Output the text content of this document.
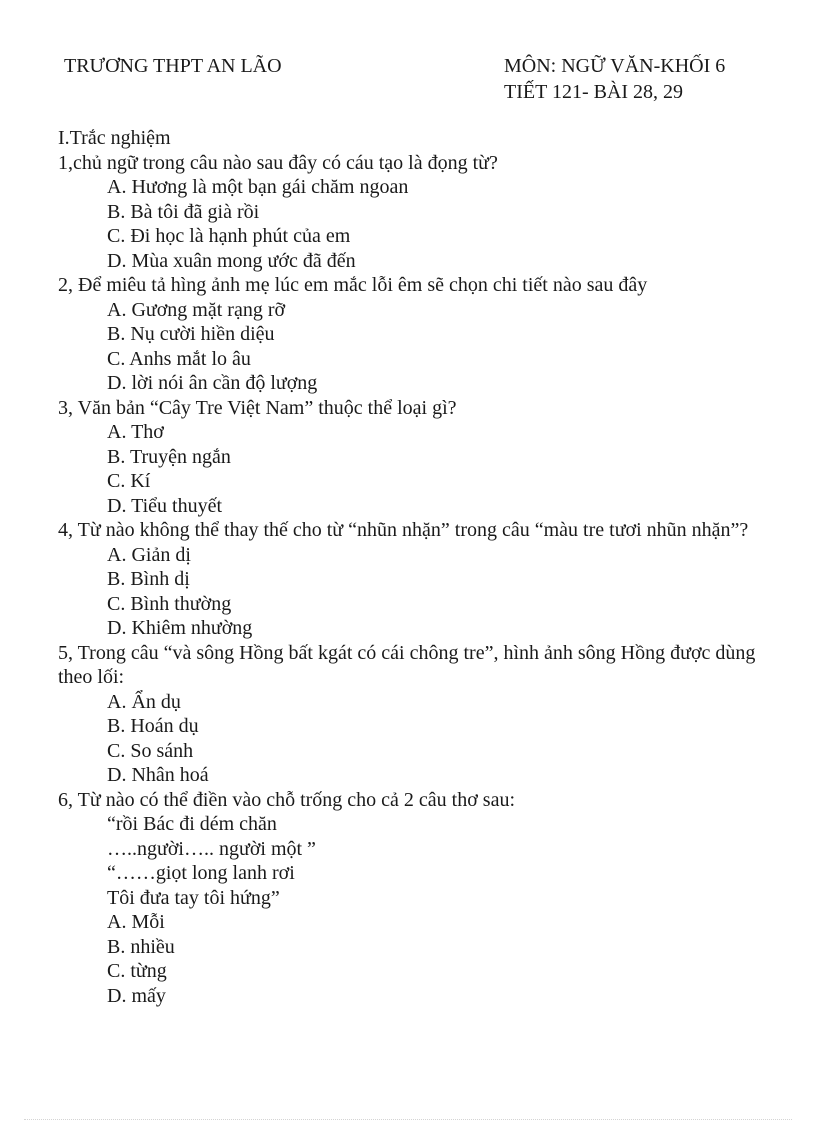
TRƯƠNG THPT AN LÃO	MÔN: NGỮ VĂN-KHỐI 6
TIẾT 121- BÀI 28, 29
I.Trắc nghiệm
1,chủ ngữ trong câu nào sau đây có cáu tạo là đọng từ?
A. Hương là một bạn gái chăm ngoan
B. Bà tôi đã già rồi
C. Đi học là hạnh phút của em
D. Mùa xuân mong ước đã đến
2, Để miêu tả hìng ảnh mẹ lúc em mắc lỗi êm sẽ chọn chi tiết nào sau đây
A. Gương mặt rạng rỡ
B. Nụ cười hiền diệu
C. Anhs mắt lo âu
D. lời nói ân cần độ lượng
3, Văn bản “Cây Tre Việt Nam” thuộc thể loại gì?
A. Thơ
B. Truyện ngắn
C. Kí
D. Tiểu thuyết
4, Từ nào không thể thay thế cho từ “nhũn nhặn” trong câu “màu tre tươi nhũn nhặn”?
A. Giản dị
B. Bình dị
C. Bình thường
D. Khiêm nhường
5, Trong câu “và sông Hồng bất kgát có cái chông tre”, hình ảnh sông Hồng được dùng theo lối:
A. Ẩn dụ
B. Hoán dụ
C. So sánh
D. Nhân hoá
6, Từ nào có thể điền vào chỗ trống cho cả 2 câu thơ sau:
“rồi Bác đi dém chăn
…..người….. người một ”
“……giọt long lanh rơi
Tôi đưa tay tôi hứng”
A. Mỗi
B. nhiều
C. từng
D. mấy
